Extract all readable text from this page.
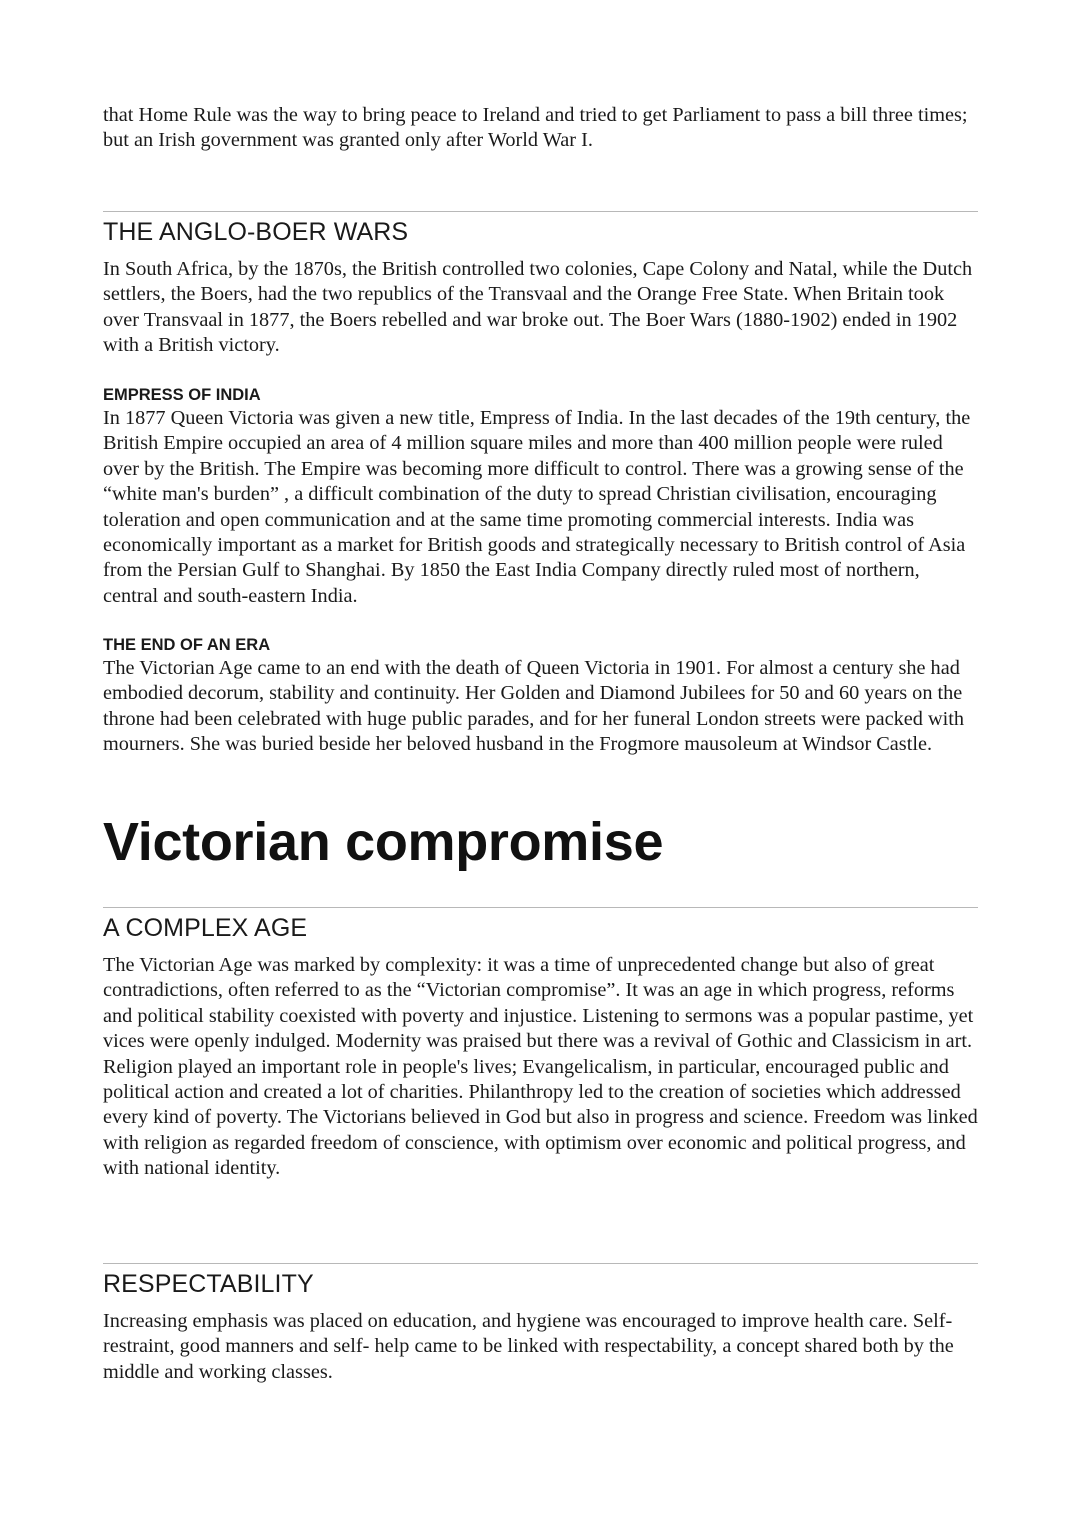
that Home Rule was the way to bring peace to Ireland and tried to get Parliament to pass a bill three times; but an Irish government was granted only after World War I.

THE ANGLO-BOER WARS

In South Africa, by the 1870s, the British controlled two colonies, Cape Colony and Natal, while the Dutch settlers, the Boers, had the two republics of the Transvaal and the Orange Free State. When Britain took over Transvaal in 1877, the Boers rebelled and war broke out. The Boer Wars (1880-1902) ended in 1902 with a British victory.

EMPRESS OF INDIA

In 1877 Queen Victoria was given a new title, Empress of India. In the last decades of the 19th century, the British Empire occupied an area of 4 million square miles and more than 400 million people were ruled over by the British. The Empire was becoming more difficult to control. There was a growing sense of the “white man's burden” , a difficult combination of the duty to spread Christian civilisation, encouraging toleration and open communication and at the same time promoting commercial interests. India was economically important as a market for British goods and strategically necessary to British control of Asia from the Persian Gulf to Shanghai. By 1850 the East India Company directly ruled most of northern, central and south-eastern India.

THE END OF AN ERA

The Victorian Age came to an end with the death of Queen Victoria in 1901. For almost a century she had embodied decorum, stability and continuity. Her Golden and Diamond Jubilees for 50 and 60 years on the throne had been celebrated with huge public parades, and for her funeral London streets were packed with mourners. She was buried beside her beloved husband in the Frogmore mausoleum at Windsor Castle.

Victorian compromise
A COMPLEX AGE

The Victorian Age was marked by complexity: it was a time of unprecedented change but also of great contradictions, often referred to as the “Victorian compromise”. It was an age in which progress, reforms and political stability coexisted with poverty and injustice. Listening to sermons was a popular pastime, yet vices were openly indulged. Modernity was praised but there was a revival of Gothic and Classicism in art. Religion played an important role in people's lives; Evangelicalism, in particular, encouraged public and political action and created a lot of charities. Philanthropy led to the creation of societies which addressed every kind of poverty. The Victorians believed in God but also in progress and science. Freedom was linked with religion as regarded freedom of conscience, with optimism over economic and political progress, and with national identity.

RESPECTABILITY

Increasing emphasis was placed on education, and hygiene was encouraged to improve health care. Self-restraint, good manners and self- help came to be linked with respectability, a concept shared both by the middle and working classes.
